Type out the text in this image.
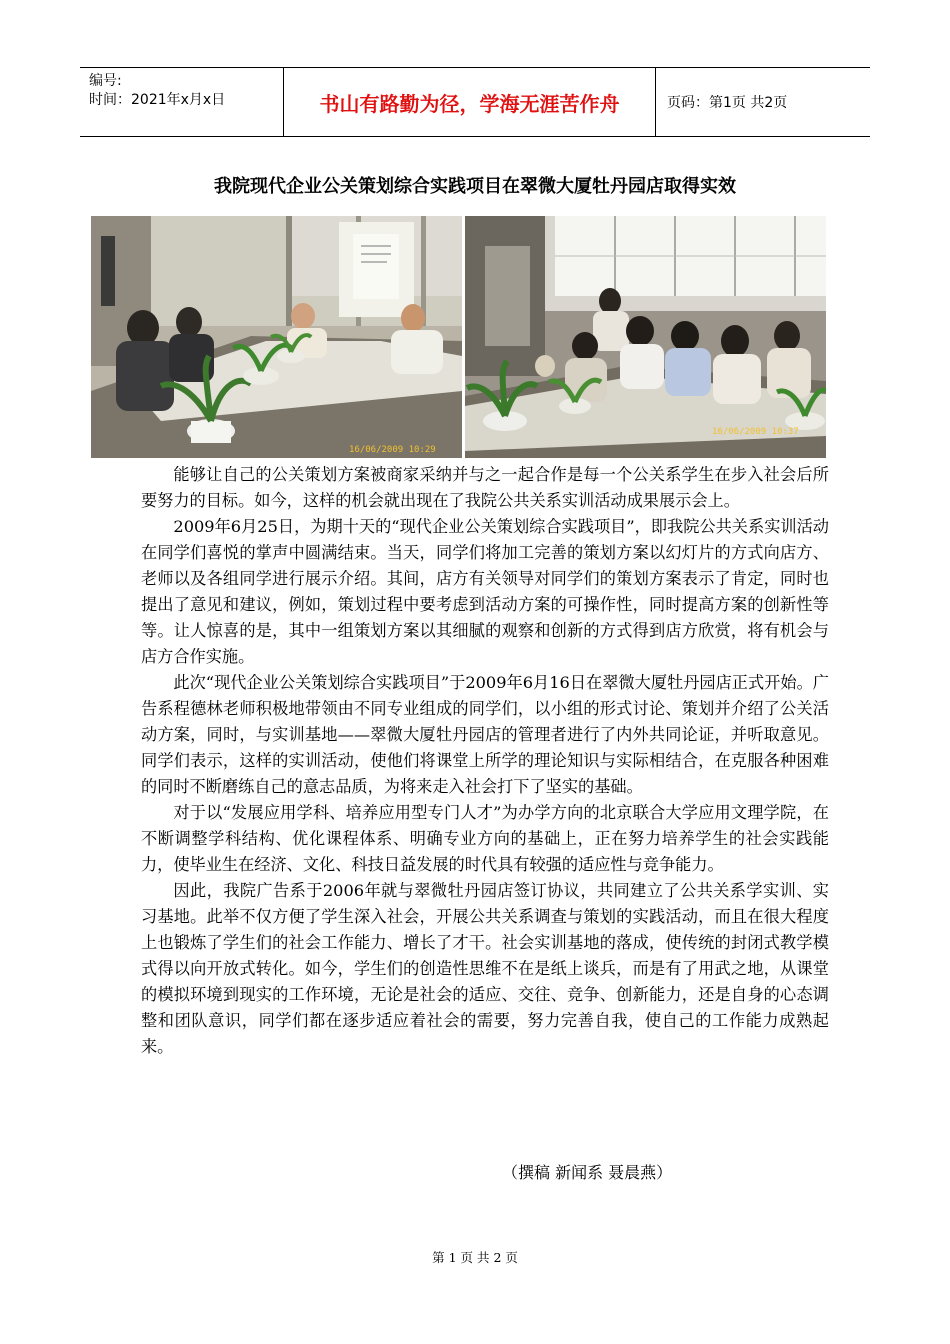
编号:
时间：2021年x月x日	书山有路勤为径，学海无涯苦作舟	页码：第1页 共2页
我院现代企业公关策划综合实践项目在翠微大厦牡丹园店取得实效
16/06/2009 10:29
16/06/2009 10:37

能够让自己的公关策划方案被商家采纳并与之一起合作是每一个公关系学生在步入社会后所要努力的目标。如今，这样的机会就出现在了我院公共关系实训活动成果展示会上。

2009年6月25日，为期十天的“现代企业公关策划综合实践项目”，即我院公共关系实训活动在同学们喜悦的掌声中圆满结束。当天，同学们将加工完善的策划方案以幻灯片的方式向店方、老师以及各组同学进行展示介绍。其间，店方有关领导对同学们的策划方案表示了肯定，同时也提出了意见和建议，例如，策划过程中要考虑到活动方案的可操作性，同时提高方案的创新性等等。让人惊喜的是，其中一组策划方案以其细腻的观察和创新的方式得到店方欣赏，将有机会与店方合作实施。

此次“现代企业公关策划综合实践项目”于2009年6月16日在翠微大厦牡丹园店正式开始。广告系程德林老师积极地带领由不同专业组成的同学们，以小组的形式讨论、策划并介绍了公关活动方案，同时，与实训基地——翠微大厦牡丹园店的管理者进行了内外共同论证，并听取意见。同学们表示，这样的实训活动，使他们将课堂上所学的理论知识与实际相结合，在克服各种困难的同时不断磨练自己的意志品质，为将来走入社会打下了坚实的基础。

对于以“发展应用学科、培养应用型专门人才”为办学方向的北京联合大学应用文理学院，在不断调整学科结构、优化课程体系、明确专业方向的基础上，正在努力培养学生的社会实践能力，使毕业生在经济、文化、科技日益发展的时代具有较强的适应性与竞争能力。

因此，我院广告系于2006年就与翠微牡丹园店签订协议，共同建立了公共关系学实训、实习基地。此举不仅方便了学生深入社会，开展公共关系调查与策划的实践活动，而且在很大程度上也锻炼了学生们的社会工作能力、增长了才干。社会实训基地的落成，使传统的封闭式教学模式得以向开放式转化。如今，学生们的创造性思维不在是纸上谈兵，而是有了用武之地，从课堂的模拟环境到现实的工作环境，无论是社会的适应、交往、竞争、创新能力，还是自身的心态调整和团队意识，同学们都在逐步适应着社会的需要，努力完善自我，使自己的工作能力成熟起来。

（撰稿 新闻系 聂晨燕）
第 1 页 共 2 页
